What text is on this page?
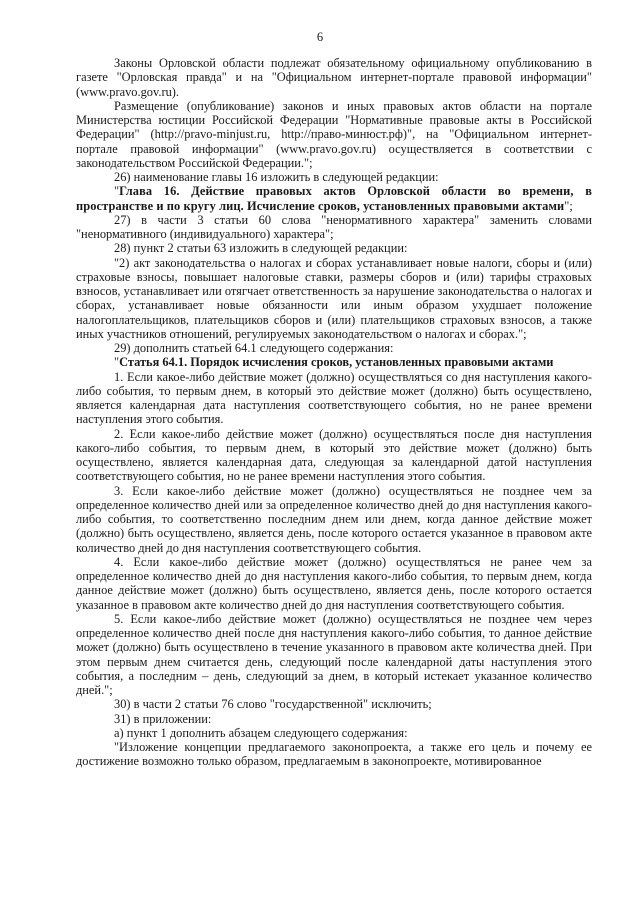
6

Законы Орловской области подлежат обязательному официальному опубликованию в газете "Орловская правда" и на "Официальном интернет-портале правовой информации" (www.pravo.gov.ru).

Размещение (опубликование) законов и иных правовых актов области на портале Министерства юстиции Российской Федерации "Нормативные правовые акты в Российской Федерации" (http://pravo-minjust.ru, http://право-минюст.рф)", на "Официальном интернет-портале правовой информации" (www.pravo.gov.ru) осуществляется в соответствии с законодательством Российской Федерации.";

26) наименование главы 16 изложить в следующей редакции:

"Глава 16. Действие правовых актов Орловской области во времени, в пространстве и по кругу лиц. Исчисление сроков, установленных правовыми актами";

27) в части 3 статьи 60 слова "ненормативного характера" заменить словами "ненормативного (индивидуального) характера";

28) пункт 2 статьи 63 изложить в следующей редакции:

"2) акт законодательства о налогах и сборах устанавливает новые налоги, сборы и (или) страховые взносы, повышает налоговые ставки, размеры сборов и (или) тарифы страховых взносов, устанавливает или отягчает ответственность за нарушение законодательства о налогах и сборах, устанавливает новые обязанности или иным образом ухудшает положение налогоплательщиков, плательщиков сборов и (или) плательщиков страховых взносов, а также иных участников отношений, регулируемых законодательством о налогах и сборах.";

29) дополнить статьей 64.1 следующего содержания:

"Статья 64.1. Порядок исчисления сроков, установленных правовыми актами

1. Если какое-либо действие может (должно) осуществляться со дня наступления какого-либо события, то первым днем, в который это действие может (должно) быть осуществлено, является календарная дата наступления соответствующего события, но не ранее времени наступления этого события.

2. Если какое-либо действие может (должно) осуществляться после дня наступления какого-либо события, то первым днем, в который это действие может (должно) быть осуществлено, является календарная дата, следующая за календарной датой наступления соответствующего события, но не ранее времени наступления этого события.

3. Если какое-либо действие может (должно) осуществляться не позднее чем за определенное количество дней или за определенное количество дней до дня наступления какого-либо события, то соответственно последним днем или днем, когда данное действие может (должно) быть осуществлено, является день, после которого остается указанное в правовом акте количество дней до дня наступления соответствующего события.

4. Если какое-либо действие может (должно) осуществляться не ранее чем за определенное количество дней до дня наступления какого-либо события, то первым днем, когда данное действие может (должно) быть осуществлено, является день, после которого остается указанное в правовом акте количество дней до дня наступления соответствующего события.

5. Если какое-либо действие может (должно) осуществляться не позднее чем через определенное количество дней после дня наступления какого-либо события, то данное действие может (должно) быть осуществлено в течение указанного в правовом акте количества дней. При этом первым днем считается день, следующий после календарной даты наступления этого события, а последним – день, следующий за днем, в который истекает указанное количество дней.";

30) в части 2 статьи 76 слово "государственной" исключить;

31) в приложении:

а) пункт 1 дополнить абзацем следующего содержания:

"Изложение концепции предлагаемого законопроекта, а также его цель и почему ее достижение возможно только образом, предлагаемым в законопроекте, мотивированное
